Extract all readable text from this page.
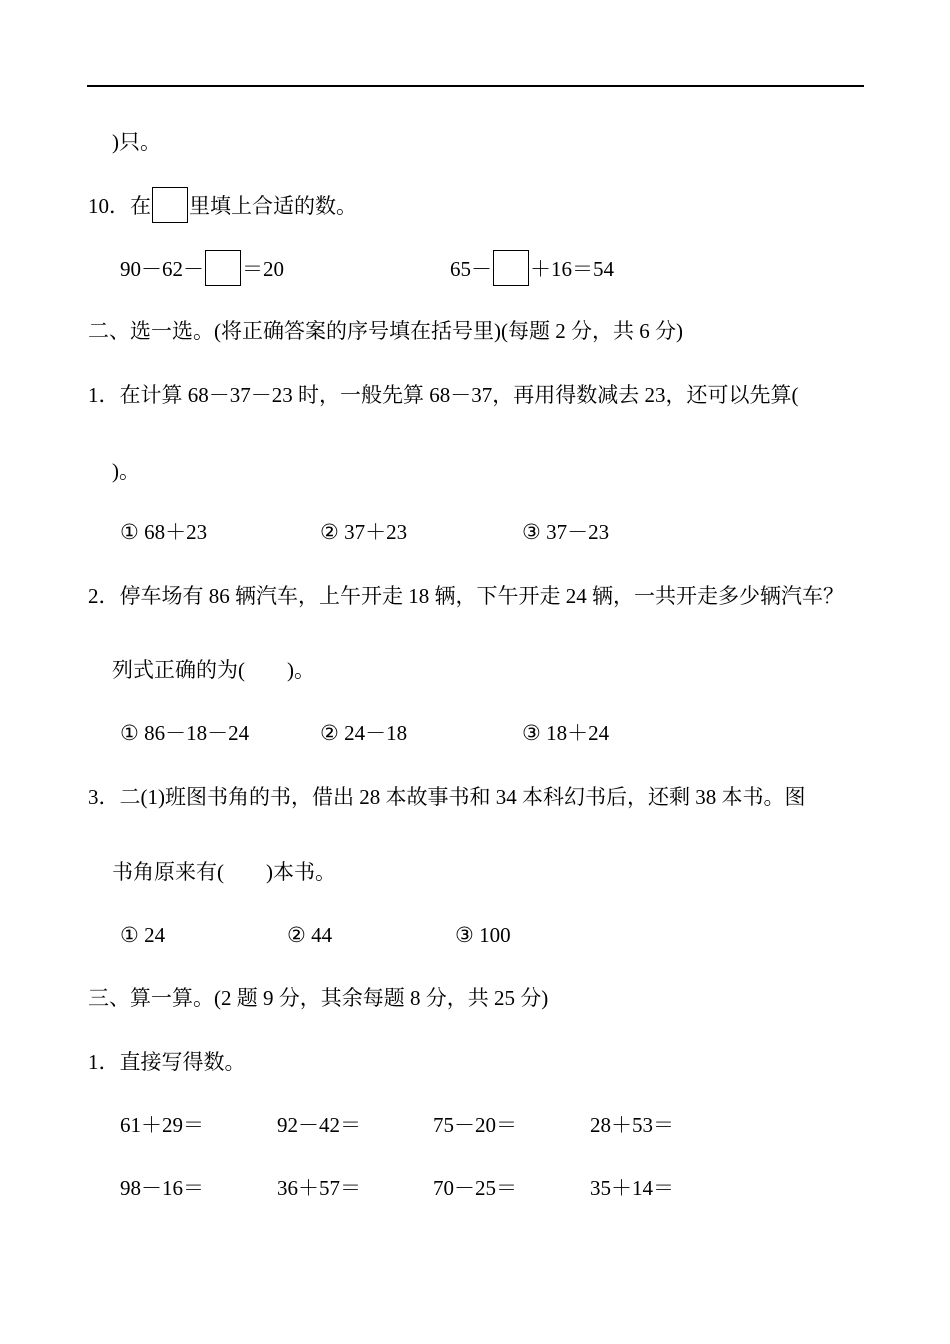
)只。
10．在 里填上合适的数。
90－62－ ＝20	65－ ＋16＝54
二、选一选。(将正确答案的序号填在括号里)(每题 2 分，共 6 分)
1．在计算 68－37－23 时，一般先算 68－37，再用得数减去 23，还可以先算(
)。
① 68＋23	② 37＋23	③ 37－23
2．停车场有 86 辆汽车，上午开走 18 辆，下午开走 24 辆，一共开走多少辆汽车？
列式正确的为( )。
① 86－18－24	② 24－18	③ 18＋24
3．二(1)班图书角的书，借出 28 本故事书和 34 本科幻书后，还剩 38 本书。图
书角原来有( )本书。
① 24	② 44	③ 100
三、算一算。(2 题 9 分，其余每题 8 分，共 25 分)
1．直接写得数。
61＋29＝	92－42＝	75－20＝	28＋53＝
98－16＝	36＋57＝	70－25＝	35＋14＝
